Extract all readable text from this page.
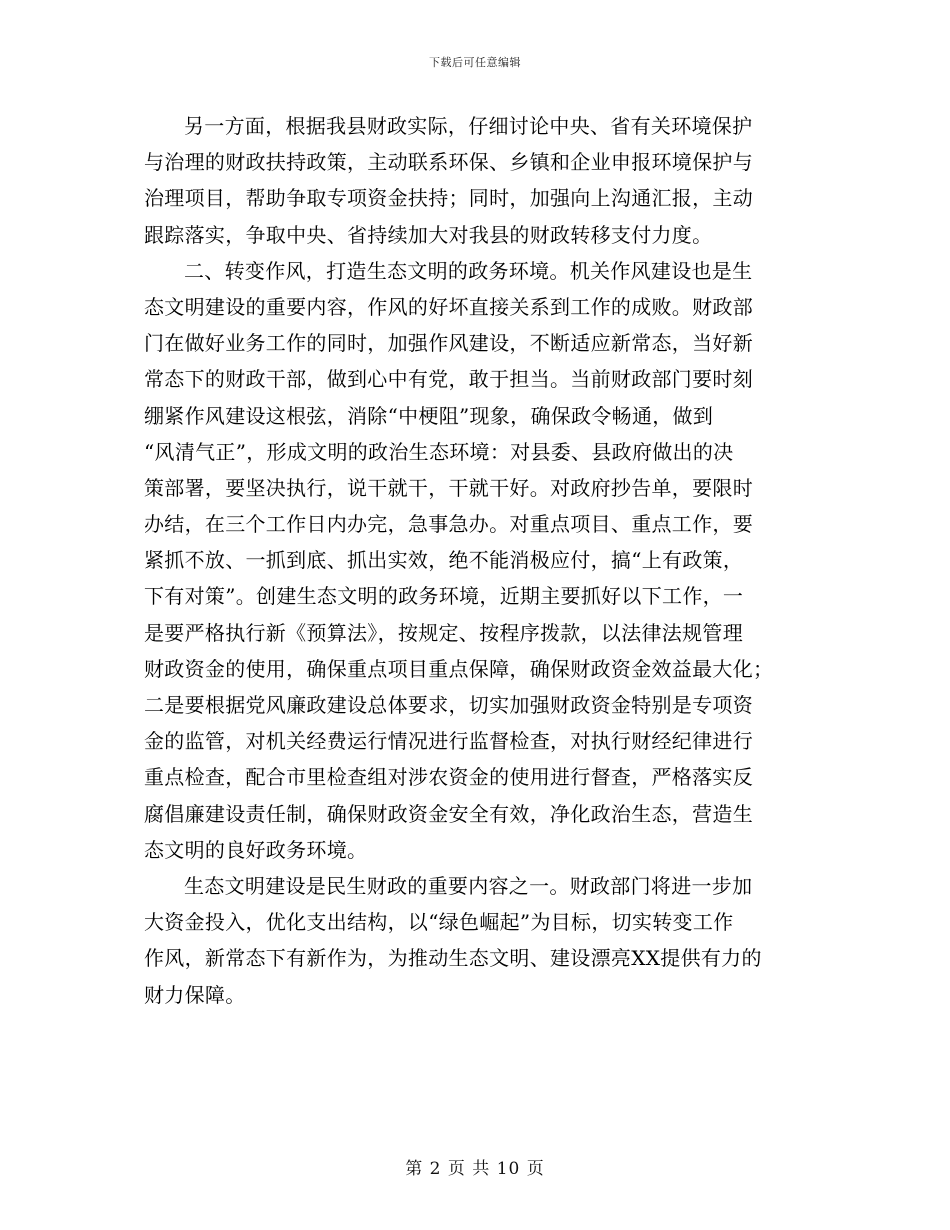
下载后可任意编辑
另一方面，根据我县财政实际，仔细讨论中央、省有关环境保护
与治理的财政扶持政策，主动联系环保、乡镇和企业申报环境保护与
治理项目，帮助争取专项资金扶持；同时，加强向上沟通汇报，主动
跟踪落实，争取中央、省持续加大对我县的财政转移支付力度。
二、转变作风，打造生态文明的政务环境。机关作风建设也是生
态文明建设的重要内容，作风的好坏直接关系到工作的成败。财政部
门在做好业务工作的同时，加强作风建设，不断适应新常态，当好新
常态下的财政干部，做到心中有党，敢于担当。当前财政部门要时刻
绷紧作风建设这根弦，消除“中梗阻”现象，确保政令畅通，做到
“风清气正”，形成文明的政治生态环境：对县委、县政府做出的决
策部署，要坚决执行，说干就干，干就干好。对政府抄告单，要限时
办结，在三个工作日内办完，急事急办。对重点项目、重点工作，要
紧抓不放、一抓到底、抓出实效，绝不能消极应付，搞“上有政策，
下有对策”。创建生态文明的政务环境，近期主要抓好以下工作，一
是要严格执行新《预算法》，按规定、按程序拨款，以法律法规管理
财政资金的使用，确保重点项目重点保障，确保财政资金效益最大化；
二是要根据党风廉政建设总体要求，切实加强财政资金特别是专项资
金的监管，对机关经费运行情况进行监督检查，对执行财经纪律进行
重点检查，配合市里检查组对涉农资金的使用进行督查，严格落实反
腐倡廉建设责任制，确保财政资金安全有效，净化政治生态，营造生
态文明的良好政务环境。
生态文明建设是民生财政的重要内容之一。财政部门将进一步加
大资金投入，优化支出结构，以“绿色崛起”为目标，切实转变工作
作风，新常态下有新作为，为推动生态文明、建设漂亮XX提供有力的
财力保障。
第 2 页 共 10 页
